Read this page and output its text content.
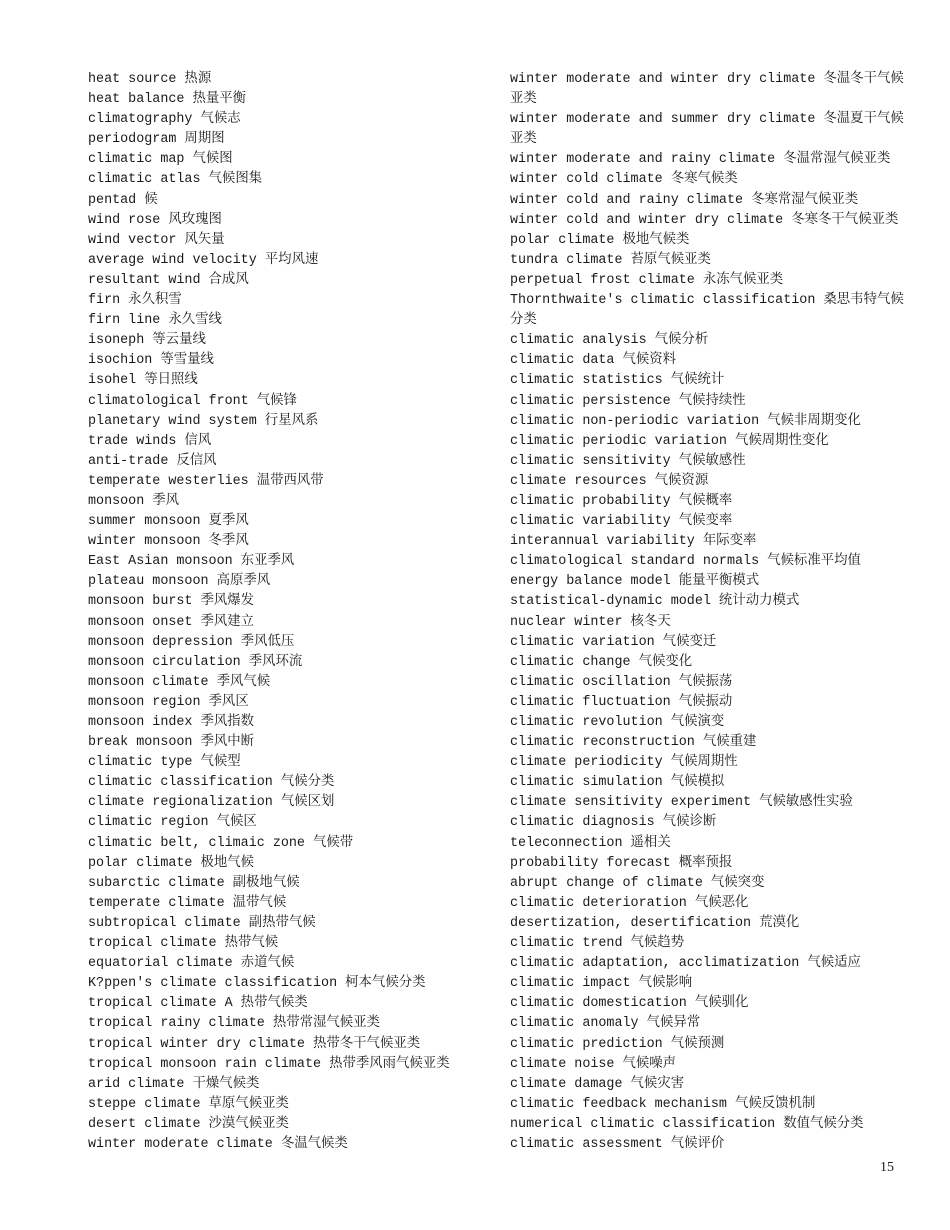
heat source 热源
heat balance 热量平衡
climatography 气候志
periodogram 周期图
climatic map 气候图
climatic atlas 气候图集
pentad 候
wind rose 风玫瑰图
wind vector 风矢量
average wind velocity 平均风速
resultant wind 合成风
firn 永久积雪
firn line 永久雪线
isoneph 等云量线
isochion 等雪量线
isohel 等日照线
climatological front 气候锋
planetary wind system 行星风系
trade winds 信风
anti-trade 反信风
temperate westerlies 温带西风带
monsoon 季风
summer monsoon 夏季风
winter monsoon 冬季风
East Asian monsoon 东亚季风
plateau monsoon 高原季风
monsoon burst 季风爆发
monsoon onset 季风建立
monsoon depression 季风低压
monsoon circulation 季风环流
monsoon climate 季风气候
monsoon region 季风区
monsoon index 季风指数
break monsoon 季风中断
climatic type 气候型
climatic classification 气候分类
climate regionalization 气候区划
climatic region 气候区
climatic belt, climaic zone 气候带
polar climate 极地气候
subarctic climate 副极地气候
temperate climate 温带气候
subtropical climate 副热带气候
tropical climate 热带气候
equatorial climate 赤道气候
K?ppen's climate classification 柯本气候分类
tropical climate A 热带气候类
tropical rainy climate 热带常湿气候亚类
tropical winter dry climate 热带冬干气候亚类
tropical monsoon rain climate 热带季风雨气候亚类
arid climate 干燥气候类
steppe climate 草原气候亚类
desert climate 沙漠气候亚类
winter moderate climate 冬温气候类
winter moderate and winter dry climate 冬温冬干气候亚类
winter moderate and summer dry climate 冬温夏干气候亚类
winter moderate and rainy climate 冬温常湿气候亚类
winter cold climate 冬寒气候类
winter cold and rainy climate 冬寒常湿气候亚类
winter cold and winter dry climate 冬寒冬干气候亚类
polar climate 极地气候类
tundra climate 苔原气候亚类
perpetual frost climate 永冻气候亚类
Thornthwaite's climatic classification 桑思韦特气候分类
climatic analysis 气候分析
climatic data 气候资料
climatic statistics 气候统计
climatic persistence 气候持续性
climatic non-periodic variation 气候非周期变化
climatic periodic variation 气候周期性变化
climatic sensitivity 气候敏感性
climate resources 气候资源
climatic probability 气候概率
climatic variability 气候变率
interannual variability 年际变率
climatological standard normals 气候标准平均值
energy balance model 能量平衡模式
statistical-dynamic model 统计动力模式
nuclear winter 核冬天
climatic variation 气候变迁
climatic change 气候变化
climatic oscillation 气候振荡
climatic fluctuation 气候振动
climatic revolution 气候演变
climatic reconstruction 气候重建
climate periodicity 气候周期性
climatic simulation 气候模拟
climate sensitivity experiment 气候敏感性实验
climatic diagnosis 气候诊断
teleconnection 遥相关
probability forecast 概率预报
abrupt change of climate 气候突变
climatic deterioration 气候恶化
desertization, desertification 荒漠化
climatic trend 气候趋势
climatic adaptation, acclimatization 气候适应
climatic impact 气候影响
climatic domestication 气候驯化
climatic anomaly 气候异常
climatic prediction 气候预测
climate noise 气候噪声
climate damage 气候灾害
climatic feedback mechanism 气候反馈机制
numerical climatic classification 数值气候分类
climatic assessment 气候评价
15
